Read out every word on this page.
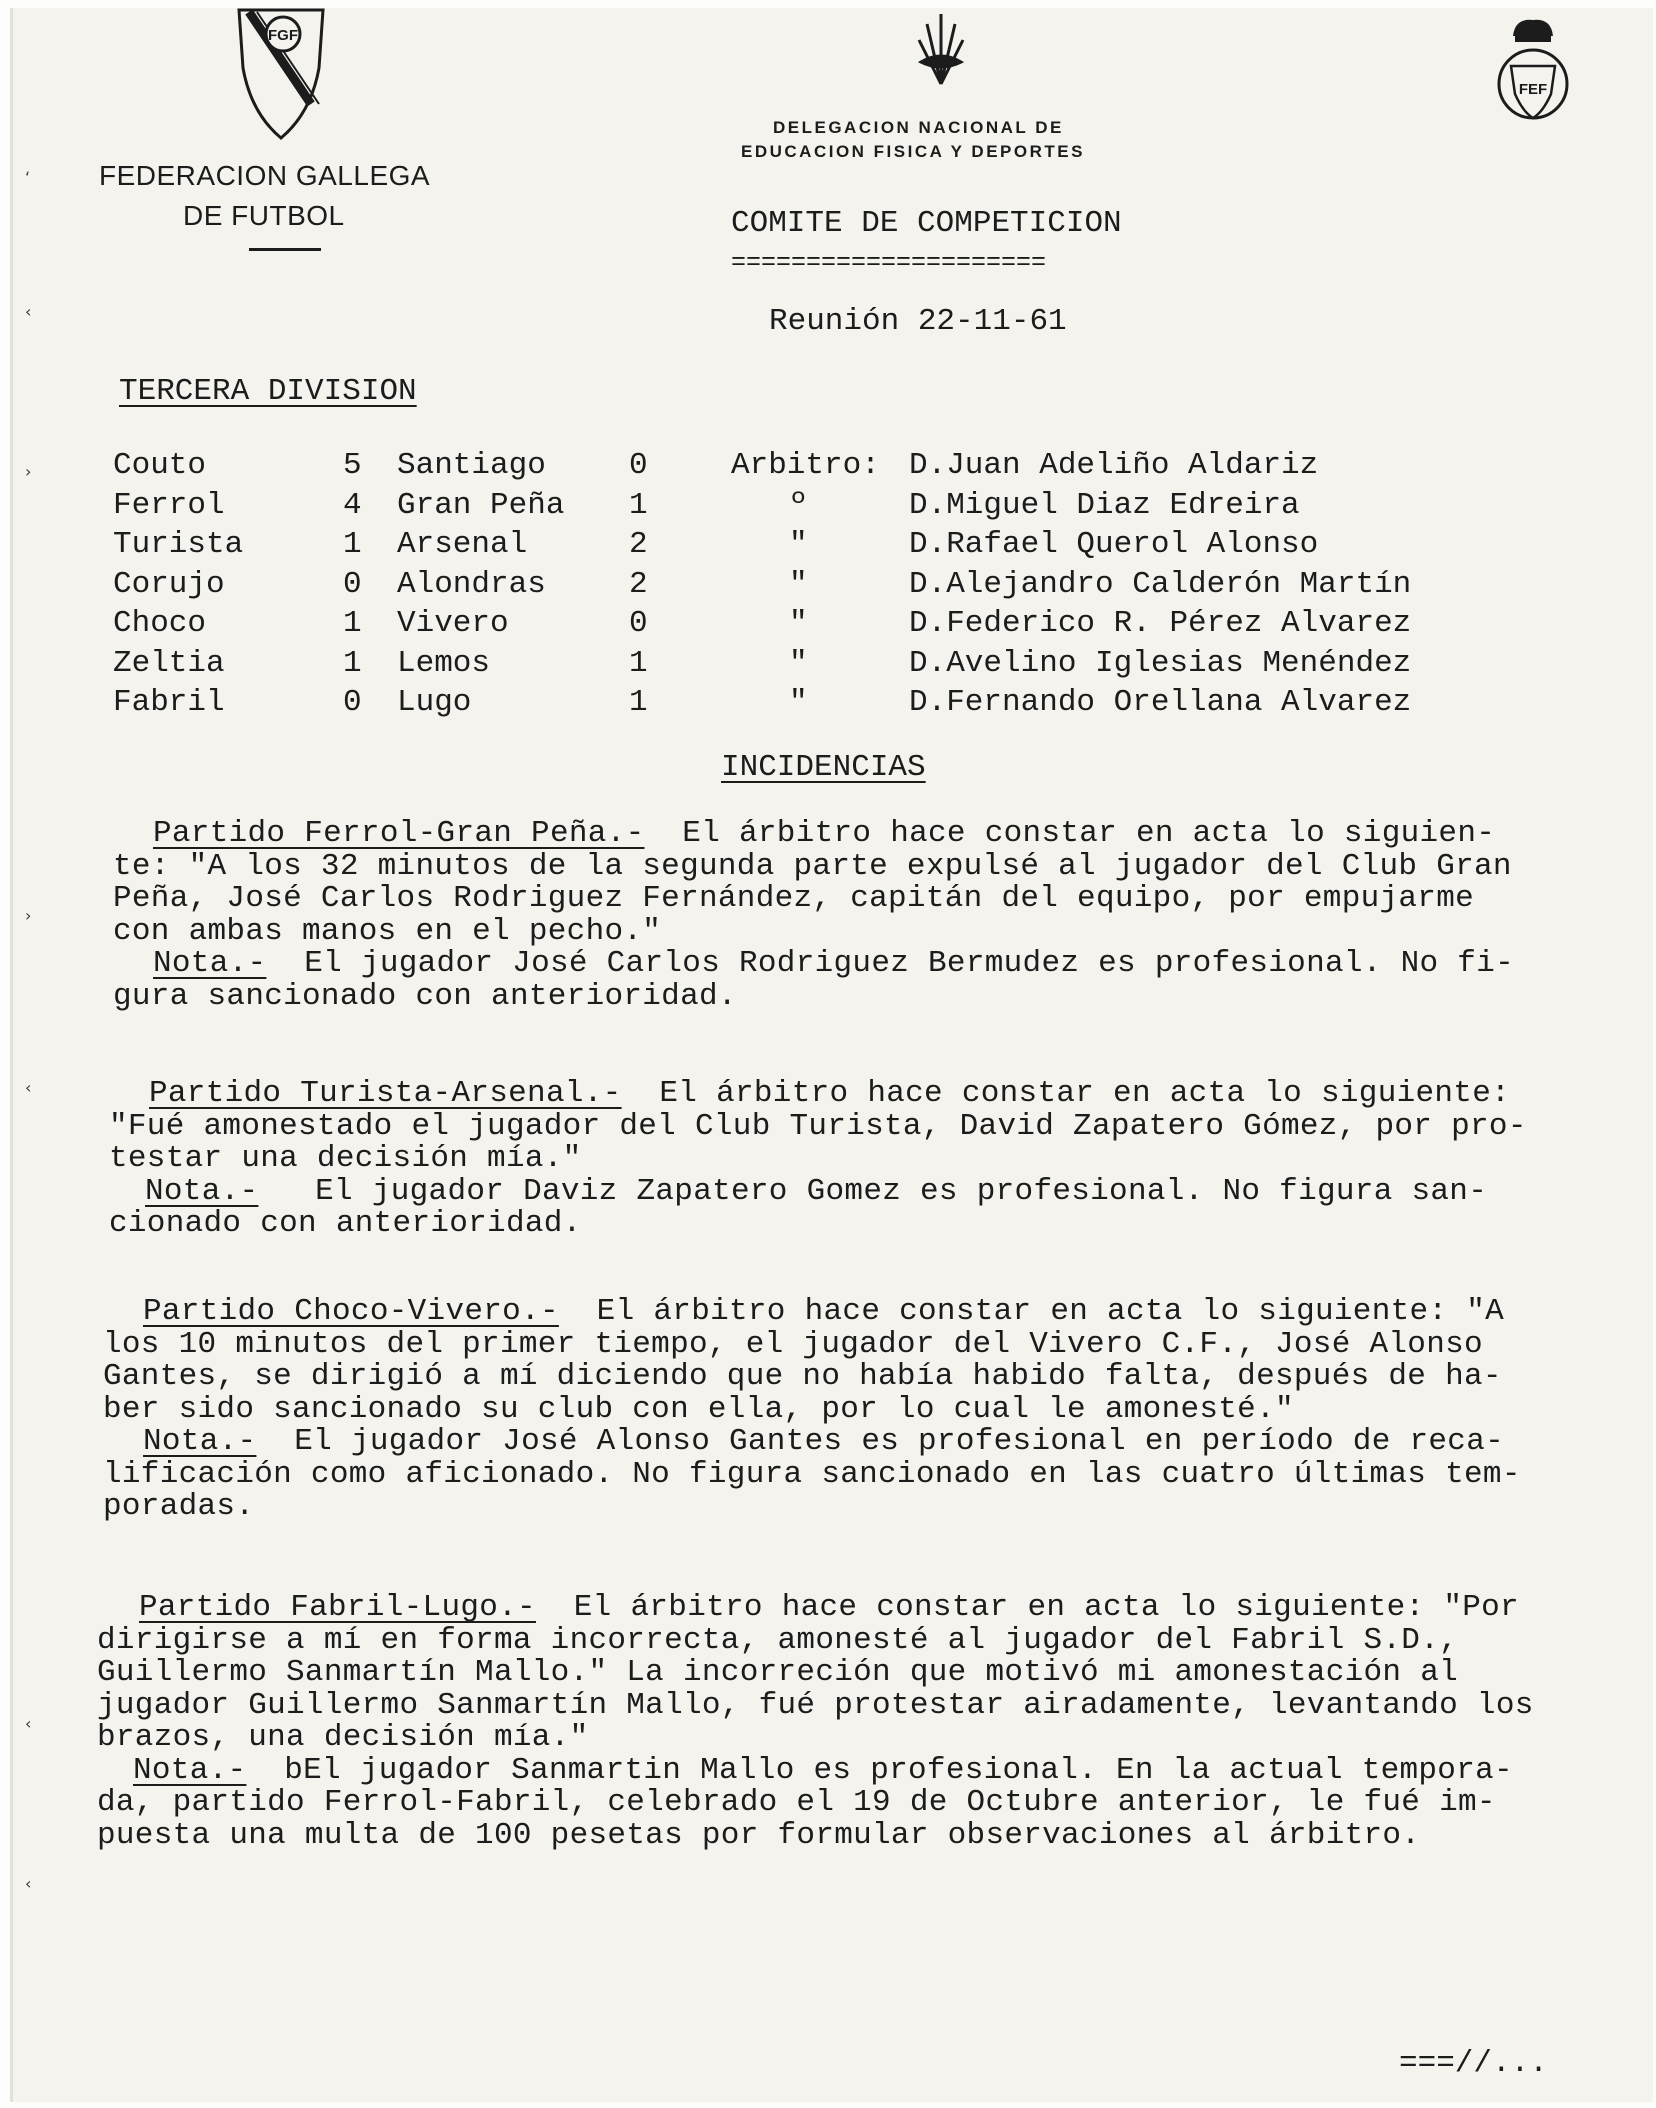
FGF
FEDERACION GALLEGA
DE FUTBOL
DELEGACION NACIONAL DE
EDUCACION FISICA Y DEPORTES
FEF
COMITE DE COMPETICION
=====================
Reunión 22-11-61
TERCERA DIVISION
Couto	5 Santiago	0	Arbitro: D.Juan Adeliño Aldariz
Ferrol	4 Gran Peña 1	º	D.Miguel Diaz Edreira
Turista	1 Arsenal	2	"	D.Rafael Querol Alonso
Corujo	0 Alondras	2	"	D.Alejandro Calderón Martín
Choco	1 Vivero	0	"	D.Federico R. Pérez Alvarez
Zeltia	1 Lemos	1	"	D.Avelino Iglesias Menéndez
Fabril	0 Lugo	1	"	D.Fernando Orellana Alvarez
INCIDENCIAS
Partido Ferrol-Gran Peña.-  El árbitro hace constar en acta lo siguien-
te: "A los 32 minutos de la segunda parte expulsé al jugador del Club Gran
Peña, José Carlos Rodriguez Fernández, capitán del equipo, por empujarme
con ambas manos en el pecho."
Nota.-  El jugador José Carlos Rodriguez Bermudez es profesional. No fi-
gura sancionado con anterioridad.
Partido Turista-Arsenal.-  El árbitro hace constar en acta lo siguiente:
"Fué amonestado el jugador del Club Turista, David Zapatero Gómez, por pro-
testar una decisión mía."
Nota.-   El jugador Daviz Zapatero Gomez es profesional. No figura san-
cionado con anterioridad.
Partido Choco-Vivero.-  El árbitro hace constar en acta lo siguiente: "A
los 10 minutos del primer tiempo, el jugador del Vivero C.F., José Alonso
Gantes, se dirigió a mí diciendo que no había habido falta, después de ha-
ber sido sancionado su club con ella, por lo cual le amonesté."
Nota.-  El jugador José Alonso Gantes es profesional en período de reca-
lificación como aficionado. No figura sancionado en las cuatro últimas tem-
poradas.
Partido Fabril-Lugo.-  El árbitro hace constar en acta lo siguiente: "Por
dirigirse a mí en forma incorrecta, amonesté al jugador del Fabril S.D.,
Guillermo Sanmartín Mallo." La incorreción que motivó mi amonestación al
jugador Guillermo Sanmartín Mallo, fué protestar airadamente, levantando los
brazos, una decisión mía."
Nota.-  bEl jugador Sanmartin Mallo es profesional. En la actual tempora-
da, partido Ferrol-Fabril, celebrado el 19 de Octubre anterior, le fué im-
puesta una multa de 100 pesetas por formular observaciones al árbitro.
===//...
‘
‹
›
›
‹
‹
‹
